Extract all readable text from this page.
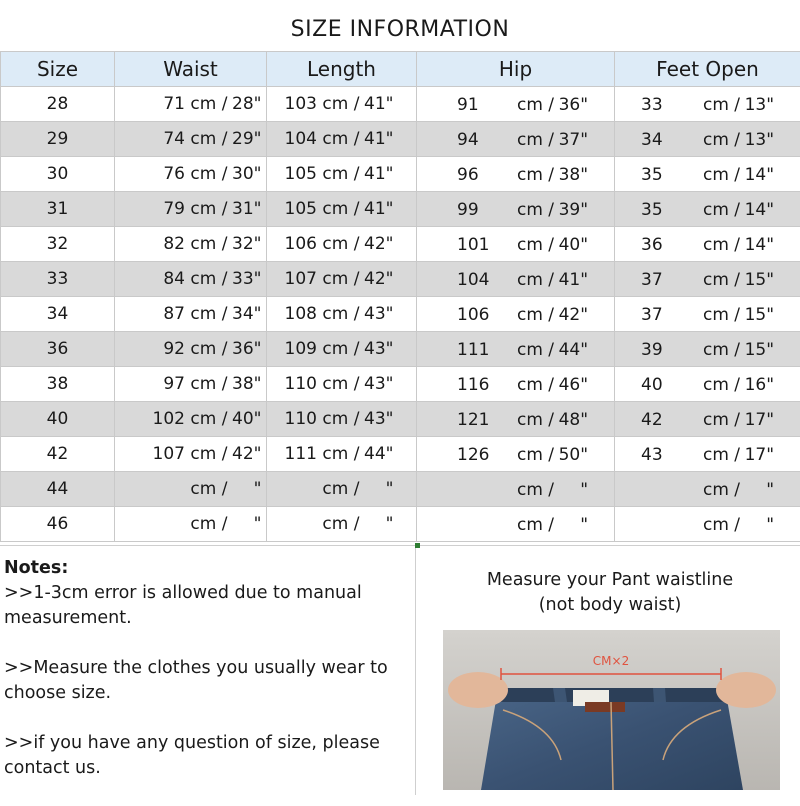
SIZE INFORMATION
Size	Waist	Length	Hip	Feet Open
28	71 cm / 28"	103 cm / 41"	91 cm / 36"	33 cm / 13"

29	74 cm / 29"	104 cm / 41"	94 cm / 37"	34 cm / 13"

30	76 cm / 30"	105 cm / 41"	96 cm / 38"	35 cm / 14"

31	79 cm / 31"	105 cm / 41"	99 cm / 39"	35 cm / 14"

32	82 cm / 32"	106 cm / 42"	101 cm / 40"	36 cm / 14"

33	84 cm / 33"	107 cm / 42"	104 cm / 41"	37 cm / 15"

34	87 cm / 34"	108 cm / 43"	106 cm / 42"	37 cm / 15"

36	92 cm / 36"	109 cm / 43"	111 cm / 44"	39 cm / 15"

38	97 cm / 38"	110 cm / 43"	116 cm / 46"	40 cm / 16"

40	102 cm / 40"	110 cm / 43"	121 cm / 48"	42 cm / 17"

42	107 cm / 42"	111 cm / 44"	126 cm / 50"	43 cm / 17"

44	cm / "	cm / "	cm / "	cm / "

46	cm / "	cm / "	cm / "	cm / "
Notes:
>>1-3cm error is allowed due to manual measurement.
>>Measure the clothes you usually wear to choose size.
>>if you have any question of size, please contact us.
Measure your Pant waistline
(not body waist)
CM×2
